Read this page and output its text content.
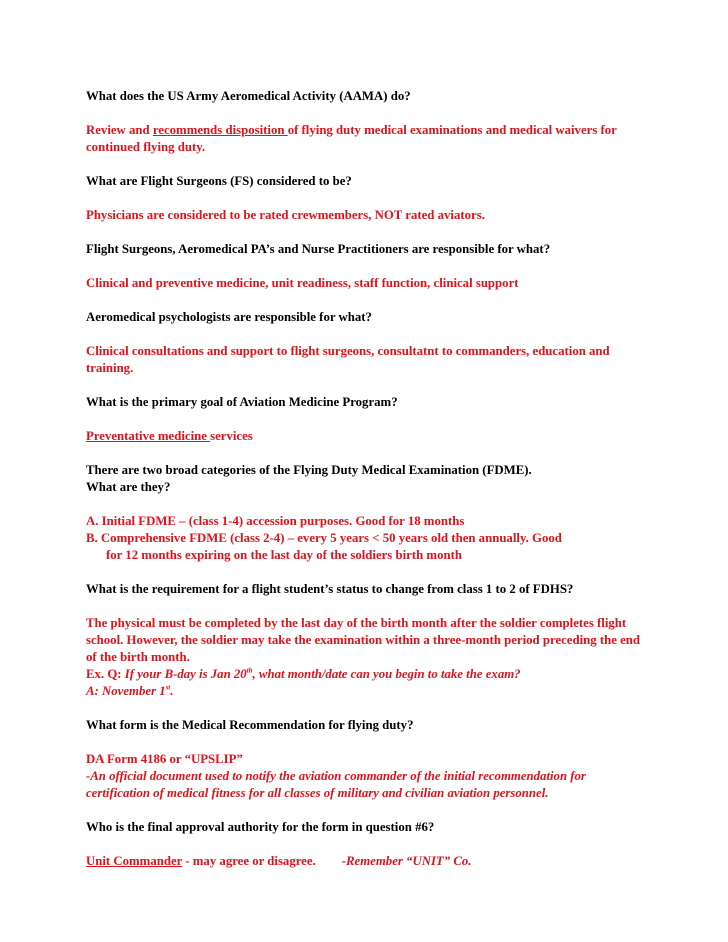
What does the US Army Aeromedical Activity (AAMA) do?

Review and recommends disposition of flying duty medical examinations and medical waivers for continued flying duty.

What are Flight Surgeons (FS) considered to be?

Physicians are considered to be rated crewmembers, NOT rated aviators.

Flight Surgeons, Aeromedical PA’s and Nurse Practitioners are responsible for what?

Clinical and preventive medicine, unit readiness, staff function, clinical support

Aeromedical psychologists are responsible for what?

Clinical consultations and support to flight surgeons, consultatnt to commanders, education and training.

What is the primary goal of Aviation Medicine Program?

Preventative medicine services

There are two broad categories of the Flying Duty Medical Examination (FDME).
What are they?

A. Initial FDME – (class 1-4) accession purposes. Good for 18 months
B. Comprehensive FDME (class 2-4) – every 5 years < 50 years old then annually. Good
for 12 months expiring on the last day of the soldiers birth month

What is the requirement for a flight student’s status to change from class 1 to 2 of FDHS?

The physical must be completed by the last day of the birth month after the soldier completes flight school. However, the soldier may take the examination within a three-month period preceding the end of the birth month.
Ex. Q: If your B-day is Jan 20th, what month/date can you begin to take the exam?
A: November 1st.

What form is the Medical Recommendation for flying duty?

DA Form 4186 or “UPSLIP”
-An official document used to notify the aviation commander of the initial recommendation for certification of medical fitness for all classes of military and civilian aviation personnel.

Who is the final approval authority for the form in question #6?

Unit Commander - may agree or disagree. -Remember “UNIT” Co.
